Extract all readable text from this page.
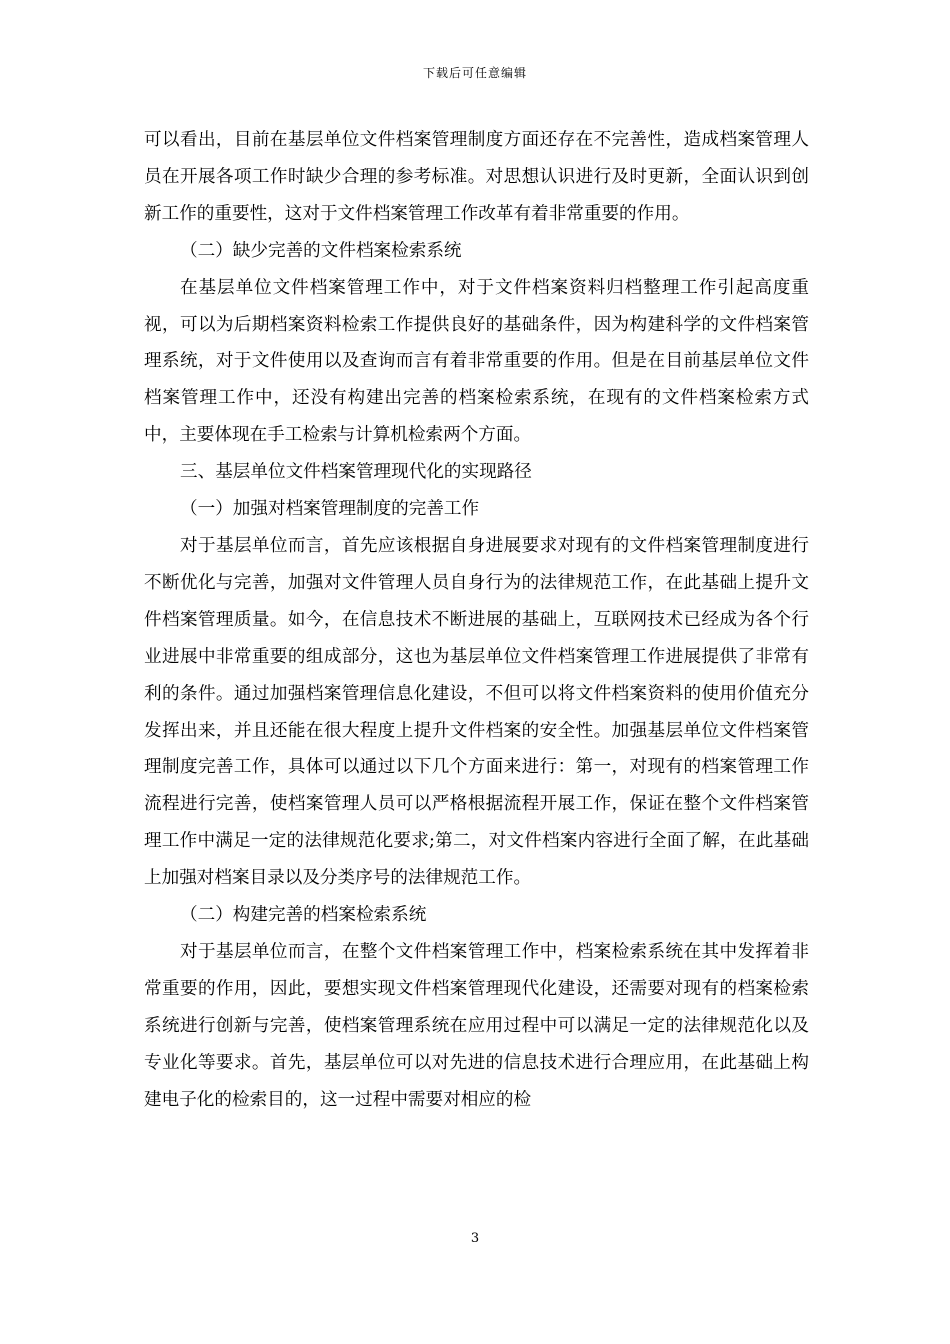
下载后可任意编辑

可以看出，目前在基层单位文件档案管理制度方面还存在不完善性，造成档案管理人员在开展各项工作时缺少合理的参考标准。对思想认识进行及时更新，全面认识到创新工作的重要性，这对于文件档案管理工作改革有着非常重要的作用。

（二）缺少完善的文件档案检索系统

在基层单位文件档案管理工作中，对于文件档案资料归档整理工作引起高度重视，可以为后期档案资料检索工作提供良好的基础条件，因为构建科学的文件档案管理系统，对于文件使用以及查询而言有着非常重要的作用。但是在目前基层单位文件档案管理工作中，还没有构建出完善的档案检索系统，在现有的文件档案检索方式中，主要体现在手工检索与计算机检索两个方面。

三、基层单位文件档案管理现代化的实现路径

（一）加强对档案管理制度的完善工作

对于基层单位而言，首先应该根据自身进展要求对现有的文件档案管理制度进行不断优化与完善，加强对文件管理人员自身行为的法律规范工作，在此基础上提升文件档案管理质量。如今，在信息技术不断进展的基础上，互联网技术已经成为各个行业进展中非常重要的组成部分，这也为基层单位文件档案管理工作进展提供了非常有利的条件。通过加强档案管理信息化建设，不但可以将文件档案资料的使用价值充分发挥出来，并且还能在很大程度上提升文件档案的安全性。加强基层单位文件档案管理制度完善工作，具体可以通过以下几个方面来进行：第一，对现有的档案管理工作流程进行完善，使档案管理人员可以严格根据流程开展工作，保证在整个文件档案管理工作中满足一定的法律规范化要求;第二，对文件档案内容进行全面了解，在此基础上加强对档案目录以及分类序号的法律规范工作。

（二）构建完善的档案检索系统

对于基层单位而言，在整个文件档案管理工作中，档案检索系统在其中发挥着非常重要的作用，因此，要想实现文件档案管理现代化建设，还需要对现有的档案检索系统进行创新与完善，使档案管理系统在应用过程中可以满足一定的法律规范化以及专业化等要求。首先，基层单位可以对先进的信息技术进行合理应用，在此基础上构建电子化的检索目的，这一过程中需要对相应的检

3
